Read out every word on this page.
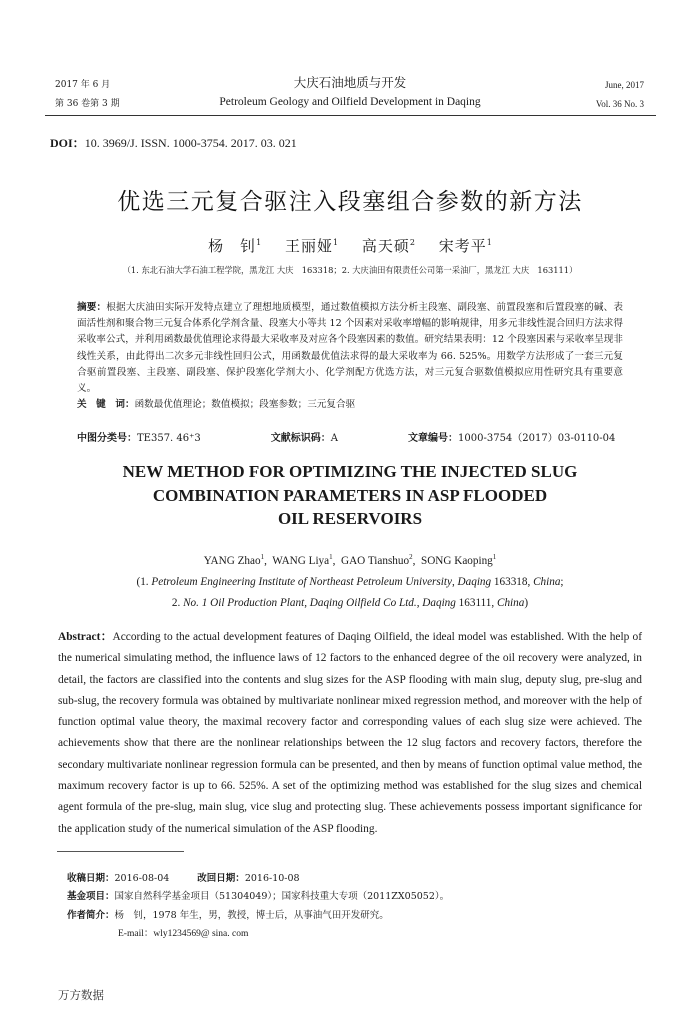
2017 年 6 月
第 36 卷第 3 期
大庆石油地质与开发
Petroleum Geology and Oilfield Development in Daqing
June, 2017
Vol. 36 No. 3
DOI：10. 3969/J. ISSN. 1000-3754. 2017. 03. 021
优选三元复合驱注入段塞组合参数的新方法
杨　钊$^1$ 王丽娅$^1$ 高天硕$^2$ 宋考平$^1$
（1. 东北石油大学石油工程学院，黑龙江 大庆　163318；2. 大庆油田有限责任公司第一采油厂，黑龙江 大庆　163111）
摘要：根据大庆油田实际开发特点建立了理想地质模型，通过数值模拟方法分析主段塞、副段塞、前置段塞和后置段塞的碱、表面活性剂和聚合物三元复合体系化学剂含量、段塞大小等共 12 个因素对采收率增幅的影响规律，用多元非线性混合回归方法求得采收率公式，并利用函数最优值理论求得最大采收率及对应各个段塞因素的数值。研究结果表明：12 个段塞因素与采收率呈现非线性关系，由此得出二次多元非线性回归公式，用函数最优值法求得的最大采收率为 66. 525%。用数学方法形成了一套三元复合驱前置段塞、主段塞、副段塞、保护段塞化学剂大小、化学剂配方优选方法，对三元复合驱数值模拟应用性研究具有重要意义。
关　键　词：函数最优值理论；数值模拟；段塞参数；三元复合驱
中图分类号：TE357. 46⁺3	文献标识码：A	文章编号：1000-3754（2017）03-0110-04
NEW METHOD FOR OPTIMIZING THE INJECTED SLUG
COMBINATION PARAMETERS IN ASP FLOODED
OIL RESERVOIRS
YANG Zhao$^1$,  WANG Liya$^1$,  GAO Tianshuo$^2$,  SONG Kaoping$^1$
(1. Petroleum Engineering Institute of Northeast Petroleum University, Daqing 163318, China;
2. No. 1 Oil Production Plant, Daqing Oilfield Co Ltd., Daqing 163111, China)
Abstract：According to the actual development features of Daqing Oilfield, the ideal model was established. With the help of the numerical simulating method, the influence laws of 12 factors to the enhanced degree of the oil recovery were analyzed, in detail, the factors are classified into the contents and slug sizes for the ASP flooding with main slug, deputy slug, pre-slug and sub-slug, the recovery formula was obtained by multivariate nonlinear mixed regression method, and moreover with the help of function optimal value theory, the maximal recovery factor and corresponding values of each slug size were achieved. The achievements show that there are the nonlinear relationships between the 12 slug factors and recovery factors, therefore the secondary multivariate nonlinear regression formula can be presented, and then by means of function optimal value method, the maximum recovery factor is up to 66. 525%. A set of the optimizing method was established for the slug sizes and chemical agent formula of the pre-slug, main slug, vice slug and protecting slug. These achievements possess important significance for the application study of the numerical simulation of the ASP flooding.
收稿日期：2016-08-04	改回日期：2016-10-08
基金项目：国家自然科学基金项目（51304049）；国家科技重大专项（2011ZX05052）。
作者简介：杨　钊，1978 年生，男，教授，博士后，从事油气田开发研究。
E-mail：wly1234569@ sina. com
万方数据
